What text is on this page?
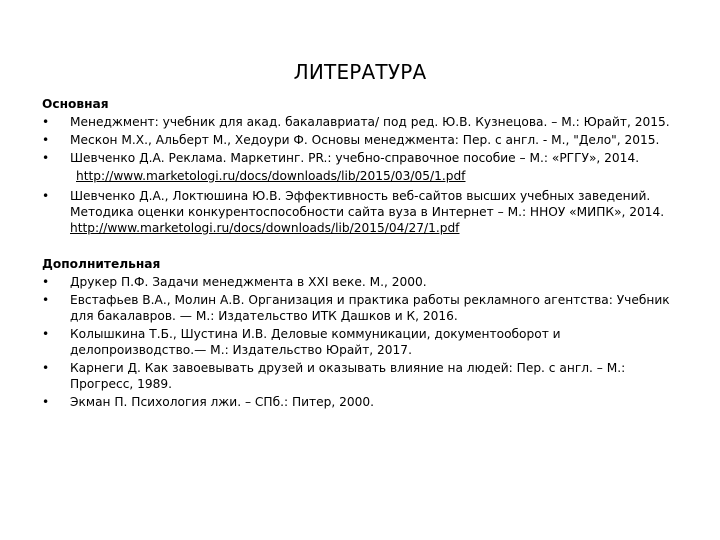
ЛИТЕРАТУРА

Основная

• Менеджмент: учебник для акад. бакалавриата/ под ред. Ю.В. Кузнецова. – М.: Юрайт, 2015.
• Мескон М.Х., Альберт М., Хедоури Ф. Основы менеджмента: Пер. с англ. - М., "Дело", 2015.
• Шевченко Д.А. Реклама. Маркетинг. PR.: учебно-справочное пособие – М.: «РГГУ», 2014.
http://www.marketologi.ru/docs/downloads/lib/2015/03/05/1.pdf
• Шевченко Д.А., Локтюшина Ю.В. Эффективность веб-сайтов высших учебных заведений. Методика оценки конкурентоспособности сайта вуза в Интернет – М.: ННОУ «МИПК», 2014. http://www.marketologi.ru/docs/downloads/lib/2015/04/27/1.pdf

Дополнительная

• Друкер П.Ф. Задачи менеджмента в XXI веке. М., 2000.
• Евстафьев В.А., Молин А.В. Организация и практика работы рекламного агентства: Учебник для бакалавров. — М.: Издательство ИТК Дашков и К, 2016.
• Колышкина Т.Б., Шустина И.В. Деловые коммуникации, документооборот и делопроизводство.— М.: Издательство Юрайт, 2017.
• Карнеги Д. Как завоевывать друзей и оказывать влияние на людей: Пер. с англ. – М.: Прогресс, 1989.
• Экман П. Психология лжи. – СПб.: Питер, 2000.
